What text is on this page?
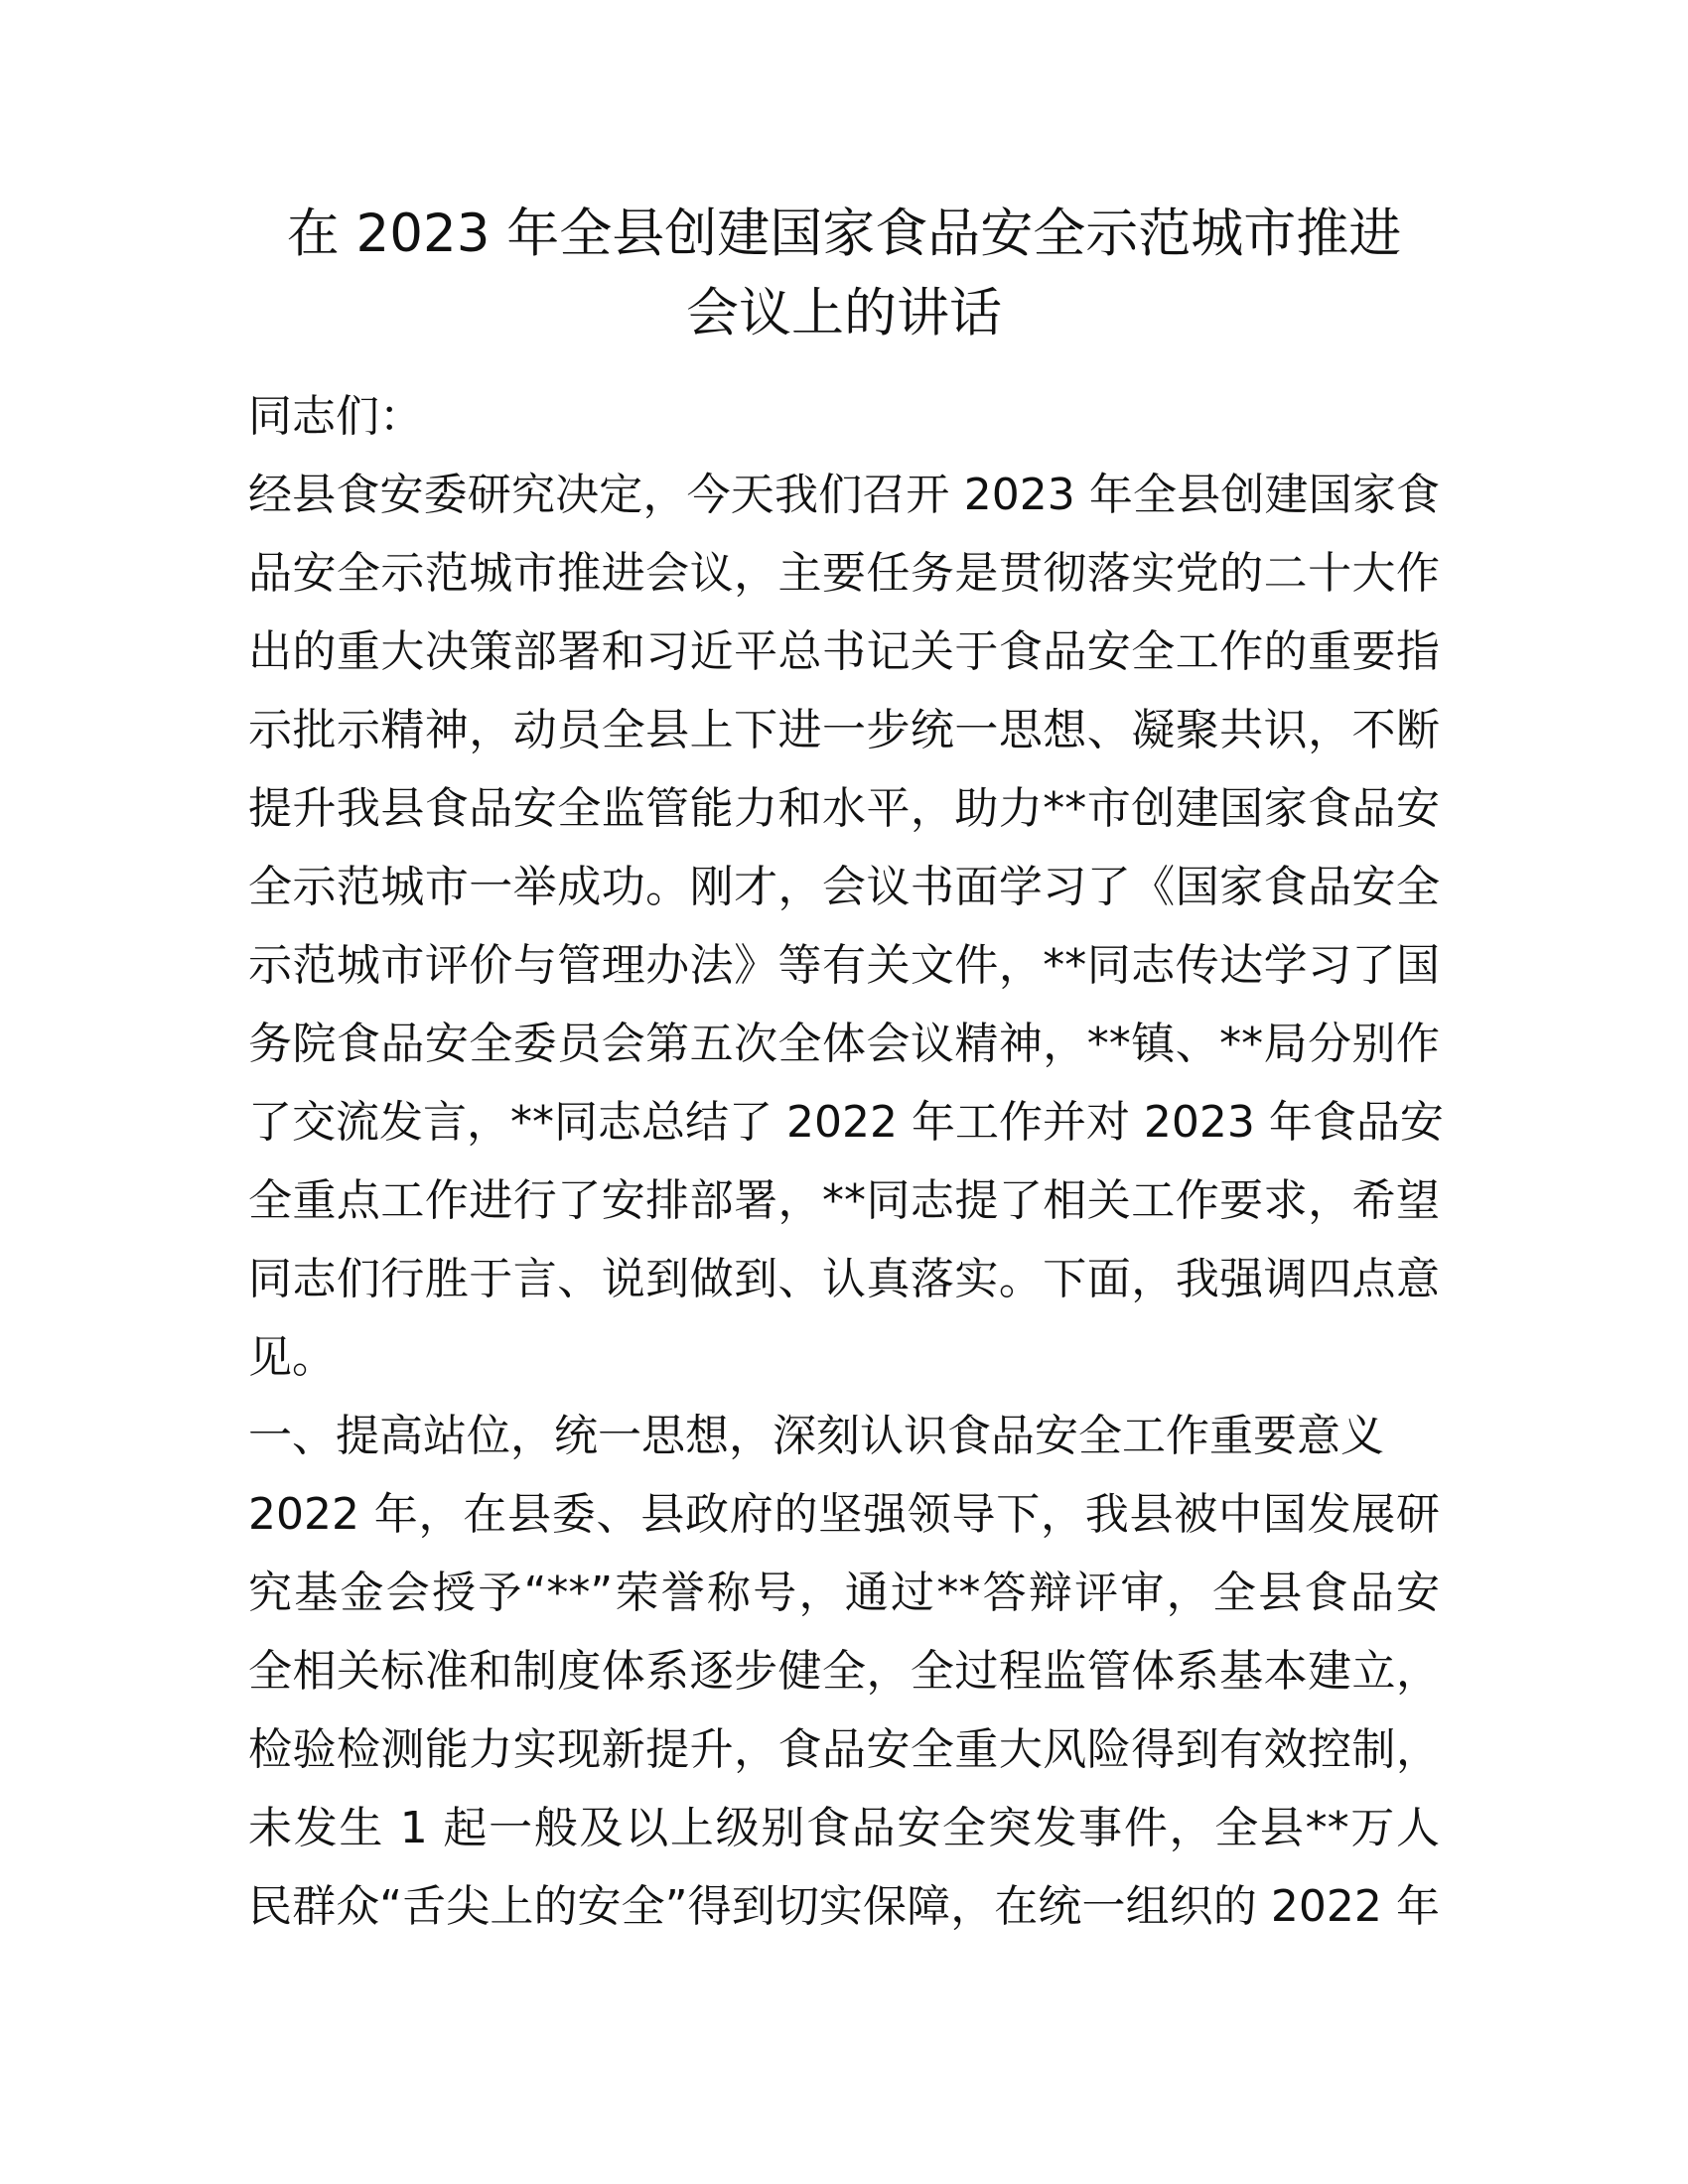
在 2023 年全县创建国家食品安全示范城市推进
会议上的讲话
同志们：
经县食安委研究决定，今天我们召开 2023 年全县创建国家食
品安全示范城市推进会议，主要任务是贯彻落实党的二十大作
出的重大决策部署和习近平总书记关于食品安全工作的重要指
示批示精神，动员全县上下进一步统一思想、凝聚共识，不断
提升我县食品安全监管能力和水平，助力**市创建国家食品安
全示范城市一举成功。刚才，会议书面学习了《国家食品安全
示范城市评价与管理办法》等有关文件，**同志传达学习了国
务院食品安全委员会第五次全体会议精神，**镇、**局分别作
了交流发言，**同志总结了 2022 年工作并对 2023 年食品安
全重点工作进行了安排部署，**同志提了相关工作要求，希望
同志们行胜于言、说到做到、认真落实。下面，我强调四点意
见。
一、提高站位，统一思想，深刻认识食品安全工作重要意义
2022 年，在县委、县政府的坚强领导下，我县被中国发展研
究基金会授予“**”荣誉称号，通过**答辩评审，全县食品安
全相关标准和制度体系逐步健全，全过程监管体系基本建立，
检验检测能力实现新提升，食品安全重大风险得到有效控制，
未发生 1 起一般及以上级别食品安全突发事件，全县**万人
民群众“舌尖上的安全”得到切实保障，在统一组织的 2022 年
